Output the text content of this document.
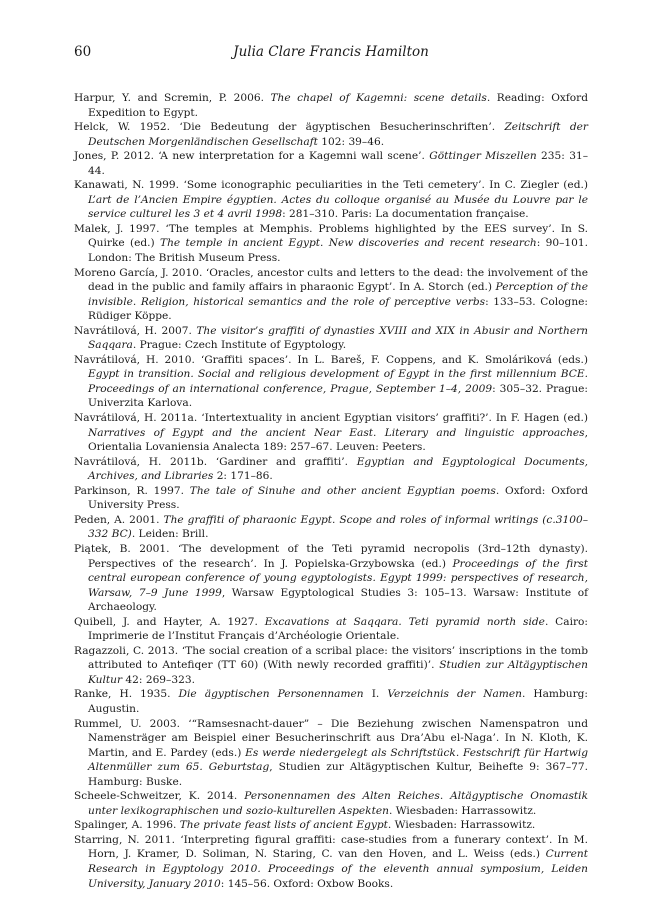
60	Julia Clare Francis Hamilton

Harpur, Y. and Scremin, P. 2006. The chapel of Kagemni: scene details. Reading: Oxford Expedition to Egypt.

Helck, W. 1952. ‘Die Bedeutung der ägyptischen Besucherinschriften’. Zeitschrift der Deutschen Morgenländischen Gesellschaft 102: 39–46.

Jones, P. 2012. ‘A new interpretation for a Kagemni wall scene’. Göttinger Miszellen 235: 31–44.

Kanawati, N. 1999. ‘Some iconographic peculiarities in the Teti cemetery’. In C. Ziegler (ed.) L’art de l’Ancien Empire égyptien. Actes du colloque organisé au Musée du Louvre par le service culturel les 3 et 4 avril 1998: 281–310. Paris: La documentation française.

Malek, J. 1997. ‘The temples at Memphis. Problems highlighted by the EES survey’. In S. Quirke (ed.) The temple in ancient Egypt. New discoveries and recent research: 90–101. London: The British Museum Press.

Moreno García, J. 2010. ‘Oracles, ancestor cults and letters to the dead: the involvement of the dead in the public and family affairs in pharaonic Egypt’. In A. Storch (ed.) Perception of the invisible. Religion, historical semantics and the role of perceptive verbs: 133–53. Cologne: Rüdiger Köppe.

Navrátilová, H. 2007. The visitor’s graffiti of dynasties XVIII and XIX in Abusir and Northern Saqqara. Prague: Czech Institute of Egyptology.

Navrátilová, H. 2010. ‘Graffiti spaces’. In L. Bareš, F. Coppens, and K. Smoláriková (eds.) Egypt in transition. Social and religious development of Egypt in the first millennium BCE. Proceedings of an international conference, Prague, September 1–4, 2009: 305–32. Prague: Univerzita Karlova.

Navrátilová, H. 2011a. ‘Intertextuality in ancient Egyptian visitors’ graffiti?’. In F. Hagen (ed.) Narratives of Egypt and the ancient Near East. Literary and linguistic approaches, Orientalia Lovaniensia Analecta 189: 257–67. Leuven: Peeters.

Navrátilová, H. 2011b. ‘Gardiner and graffiti’. Egyptian and Egyptological Documents, Archives, and Libraries 2: 171–86.

Parkinson, R. 1997. The tale of Sinuhe and other ancient Egyptian poems. Oxford: Oxford University Press.

Peden, A. 2001. The graffiti of pharaonic Egypt. Scope and roles of informal writings (c.3100–332 BC). Leiden: Brill.

Piątek, B. 2001. ‘The development of the Teti pyramid necropolis (3rd–12th dynasty). Perspectives of the research’. In J. Popielska-Grzybowska (ed.) Proceedings of the first central european conference of young egyptologists. Egypt 1999: perspectives of research, Warsaw, 7–9 June 1999, Warsaw Egyptological Studies 3: 105–13. Warsaw: Institute of Archaeology.

Quibell, J. and Hayter, A. 1927. Excavations at Saqqara. Teti pyramid north side. Cairo: Imprimerie de l’Institut Français d’Archéologie Orientale.

Ragazzoli, C. 2013. ‘The social creation of a scribal place: the visitors’ inscriptions in the tomb attributed to Antefiqer (TT 60) (With newly recorded graffiti)’. Studien zur Altägyptischen Kultur 42: 269–323.

Ranke, H. 1935. Die ägyptischen Personennamen I. Verzeichnis der Namen. Hamburg: Augustin.

Rummel, U. 2003. ‘“Ramsesnacht-dauer” – Die Beziehung zwischen Namenspatron und Namensträger am Beispiel einer Besucherinschrift aus Dra’Abu el-Naga’. In N. Kloth, K. Martin, and E. Pardey (eds.) Es werde niedergelegt als Schriftstück. Festschrift für Hartwig Altenmüller zum 65. Geburtstag, Studien zur Altägyptischen Kultur, Beihefte 9: 367–77. Hamburg: Buske.

Scheele-Schweitzer, K. 2014. Personennamen des Alten Reiches. Altägyptische Onomastik unter lexikographischen und sozio-kulturellen Aspekten. Wiesbaden: Harrassowitz.

Spalinger, A. 1996. The private feast lists of ancient Egypt. Wiesbaden: Harrassowitz.

Starring, N. 2011. ‘Interpreting figural graffiti: case-studies from a funerary context’. In M. Horn, J. Kramer, D. Soliman, N. Staring, C. van den Hoven, and L. Weiss (eds.) Current Research in Egyptology 2010. Proceedings of the eleventh annual symposium, Leiden University, January 2010: 145–56. Oxford: Oxbow Books.
